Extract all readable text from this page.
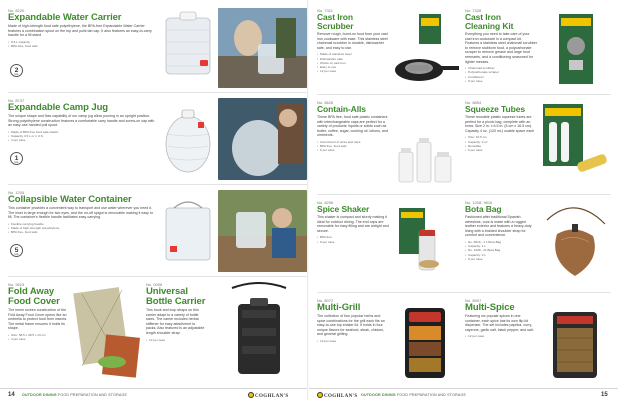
No. 8220
Expandable Water Carrier
Made of high-strength food safe polyethylene, the BPA-free Expandable Water Carrier features a combination spout on the top and pulls tab cap. It also features an easy-to-carry handle for a fill stand
• 8.6 L capacity
• BPA-free, food safe
2
GAL
No. 8737
Expandable Camp Jug
The unique shape and flow capability of our camp jug allow pouring in an upright position. Strong polyethylene construction features a comfortable carry handle and screw-on cap with an easy-use handed pull spout.
• Made of BPA free food safe plastic
• Capacity 4.5 L or 1 U.S.
• 4 per case
1
GAL
No. 1205
Collapsible Water Container
This container provides a convenient way to transport and use water wherever you need it. The inset in large enough for two eyes, and the on-off spigot is removable making it easy to fill. The container's flexible handle facilitates easy carrying.
• Flexible carrying handle
• Made of high-strength polyethylene
• BPA free, food safe
5
GAL
No. 9623
Fold Away Food Cover
The mesh screen construction of the Fold Away Food Cover opens like an umbrella to protect food from insects. The metal frame ensures it holds its shape.
• Size: 38.5 x 38.5 x 13 cm
• 4 per case
No. 0006
Universal Bottle Carrier
This hook and loop straps on this carrier adapt to a variety of bottle sizes. The carrier includes herbal stiffener for easy attachment to packs. Also featured is an adjustable length shoulder strap.
• 12 per case
14 OUTDOOR DINING FOOD PREPARATION AND STORAGE	COGHLAN'S
No. 7311
Cast Iron Scrubber
Remove rough, burnt-on food from your cast iron cookware with ease. This stainless steel chainmail scrubber is durable, dishwasher safe, and easy to use.
• Made of stainless steel
• Dishwasher safe
• Works on cast iron
• Easy to use
• 12 per case
No. 7328
Cast Iron Cleaning Kit
Everything you need to take care of your cast iron cookware in a compact kit. Features a stainless steel chainmail scrubber to remove stubborn food, a polycarbonate scraper to remove grease and large food remnants, and a conditioning seasoned for lighter messes.
• Chainmail scrubber
• Polycarbonate scraper
• Conditioner
• 6 per case
No. 8626
Contain-Alls
These BPA free, food safe plastic containers with interchangeable caps are perfect for a variety of products: liquids or solids such as butter, coffee, sugar, cooking oil, lotions, and ointments.
• Assortment of sizes and caps
• BPA free, food safe
• 6 per case
No. 8854
Squeeze Tubes
These reusable plastic squeeze tubes are perfect for a picnic bag, complete with an extra. Size 2 in. x 6.5 in. (5 cm x 16.5 cm). Capacity 4 oz. (120 mL) usable space each
• Size: 16.5 cm
• Capacity: 4 oz
• Reusable
• 6 per case
No. 8256
Spice Shaker
This shaker is compact and sturdy making it ideal for outdoor dining. The end caps are removable for easy filling and are airtight and secure.
• BPA free
• 6 per case
No. 1208, 9616
Bota Bag
Fashioned after traditional Spanish wineskins, ours is made with a rugged leather exterior and features a heavy-duty lining with a braided shoulder strap for comfort and convenience.
• No. 9616 - 1 L Bota Bag
• Capacity: 1 L
• No. 1208 - 2L Bota Bag
• Capacity: 2 L
• 6 per case
No. 8072
Multi-Grill
The collection of four popular herbs and spice combinations for the grill each fits an easy-to-use top shaker lid. It holds in four unique flavors for seafood, steak, chicken, and general grilling.
• 12 per case
No. 8907
Multi-Spice
Featuring six popular spices in one container, each spice has its own flip-lid dispenser. The set includes paprika, curry, cayenne, garlic salt, black pepper, and salt.
• 12 per case
COGHLAN'S OUTDOOR DINING FOOD PREPARATION AND STORAGE	15
